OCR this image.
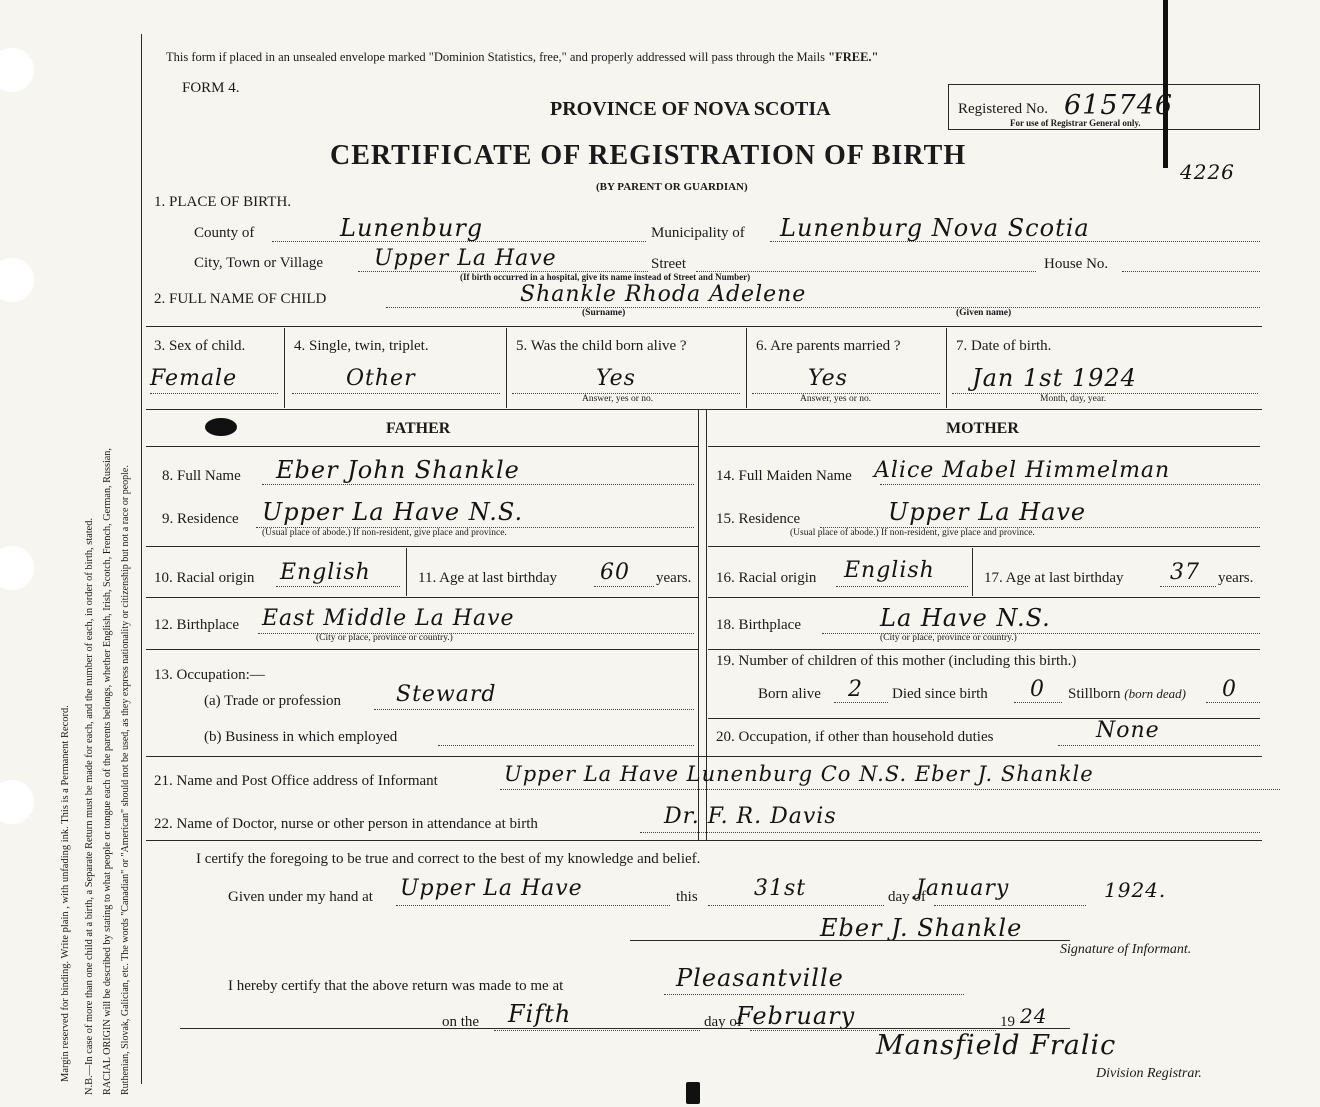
Margin reserved for binding. Write plain , with unfading ink. This is a Permanent Record. N.B.—In case of more than one child at a birth, a Separate Return must be made for each, and the number of each, in order of birth, stated. RACIAL ORIGIN will be described by stating to what people or tongue each of the parents belongs, whether English, Irish, Scotch, French, German, Russian, Ruthenian, Slovak, Galician, etc. The words "Canadian" or "American" should not be used, as they express nationality or citizenship but not a race or people.
This form if placed in an unsealed envelope marked "Dominion Statistics, free," and properly addressed will pass through the Mails "FREE."
FORM 4.
PROVINCE OF NOVA SCOTIA
CERTIFICATE OF REGISTRATION OF BIRTH
(BY PARENT OR GUARDIAN)
Registered No. 615746
For use of Registrar General only.
4226
1. PLACE OF BIRTH.
County of	Lunenburg	Municipality of Lunenburg Nova Scotia
City, Town or Village Upper La Have	Street	House No.
(If birth occurred in a hospital, give its name instead of Street and Number)
2. FULL NAME OF CHILD	Shankle Rhoda Adelene
(Surname)	(Given name)
3. Sex of child.
Female
4. Single, twin, triplet.
Other
5. Was the child born alive ?
Yes
Answer, yes or no.
6. Are parents married ?
Yes
Answer, yes or no.
7. Date of birth.
Jan 1st 1924
Month, day, year.
FATHER	MOTHER
8. Full Name Eber John Shankle
9. Residence Upper La Have N.S.
(Usual place of abode.) If non-resident, give place and province.
10. Racial origin English	11. Age at last birthday 60 years.
12. Birthplace East Middle La Have
(City or place, province or country.)
13. Occupation:—
(a) Trade or profession Steward
(b) Business in which employed
14. Full Maiden Name Alice Mabel Himmelman
15. Residence	Upper La Have
(Usual place of abode.) If non-resident, give place and province.
16. Racial origin English	17. Age at last birthday 37 years.
18. Birthplace	La Have N.S.
(City or place, province or country.)
19. Number of children of this mother (including this birth.)
Born alive 2 Died since birth 0 Stillborn (born dead) 0
20. Occupation, if other than household duties	None
21. Name and Post Office address of Informant	Upper La Have Lunenburg Co N.S. Eber J. Shankle
22. Name of Doctor, nurse or other person in attendance at birth	Dr. F. R. Davis
I certify the foregoing to be true and correct to the best of my knowledge and belief.
Given under my hand at Upper La Have	this	31st	day of
January	1924.
Eber J. Shankle
Signature of Informant.
I hereby certify that the above return was made to me at	Pleasantville
on the Fifth	day of
February	19 24
Mansfield Fralic
Division Registrar.
